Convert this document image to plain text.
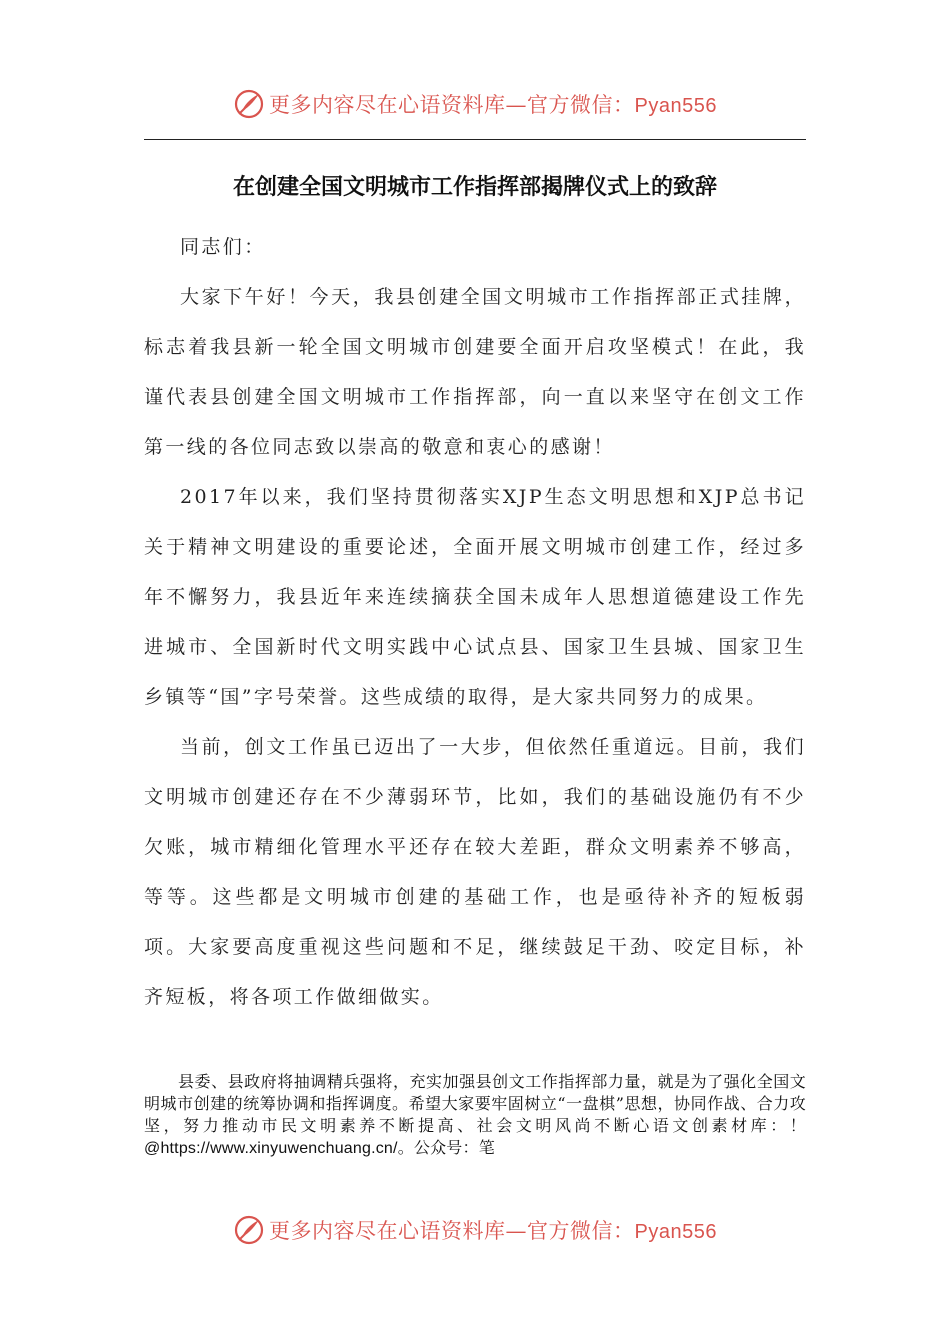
更多内容尽在心语资料库—官方微信：Pyan556
在创建全国文明城市工作指挥部揭牌仪式上的致辞

同志们：

大家下午好！今天，我县创建全国文明城市工作指挥部正式挂牌，标志着我县新一轮全国文明城市创建要全面开启攻坚模式！在此，我谨代表县创建全国文明城市工作指挥部，向一直以来坚守在创文工作第一线的各位同志致以崇高的敬意和衷心的感谢！

2017年以来，我们坚持贯彻落实XJP生态文明思想和XJP总书记关于精神文明建设的重要论述，全面开展文明城市创建工作，经过多年不懈努力，我县近年来连续摘获全国未成年人思想道德建设工作先进城市、全国新时代文明实践中心试点县、国家卫生县城、国家卫生乡镇等“国”字号荣誉。这些成绩的取得，是大家共同努力的成果。

当前，创文工作虽已迈出了一大步，但依然任重道远。目前，我们文明城市创建还存在不少薄弱环节，比如，我们的基础设施仍有不少欠账，城市精细化管理水平还存在较大差距，群众文明素养不够高，等等。这些都是文明城市创建的基础工作，也是亟待补齐的短板弱项。大家要高度重视这些问题和不足，继续鼓足干劲、咬定目标，补齐短板，将各项工作做细做实。

县委、县政府将抽调精兵强将，充实加强县创文工作指挥部力量，就是为了强化全国文明城市创建的统筹协调和指挥调度。希望大家要牢固树立“一盘棋”思想，协同作战、合力攻坚，努力推动市民文明素养不断提高、社会文明风尚不断心语文创素材库：！ @https://www.xinyuwenchuang.cn/。公众号：笔

更多内容尽在心语资料库—官方微信：Pyan556
